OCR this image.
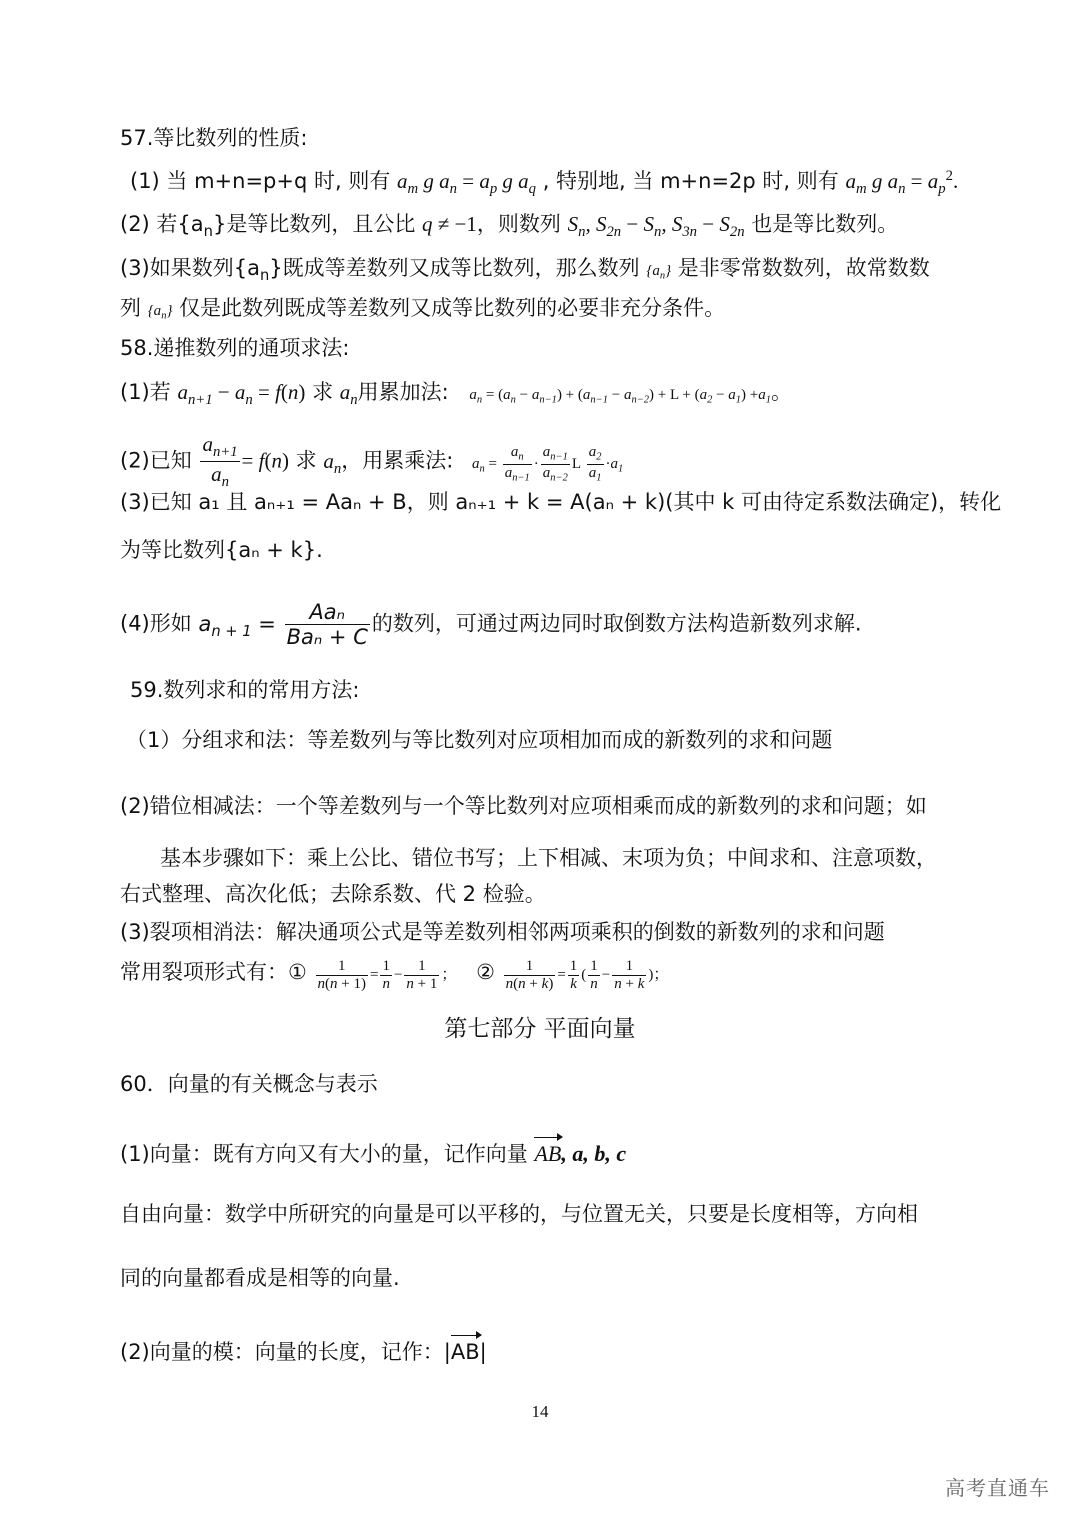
57.等比数列的性质:
(1) 当 m+n=p+q 时, 则有 $a_m$ g $a_n = a_p$ g $a_q$ , 特别地, 当 m+n=2p 时, 则有 $a_m$ g $a_n = a_p^2$.
(2) 若$\{a_n\}$是等比数列，且公比 q ≠ −1，则数列 $S_n$, $S_{2n} - S_n$, $S_{3n} - S_{2n}$ 也是等比数列。
(3)如果数列$\{a_n\}$既成等差数列又成等比数列，那么数列 $\{a_n\}$ 是非零常数数列，故常数数
列 $\{a_n\}$ 仅是此数列既成等差数列又成等比数列的必要非充分条件。
58.递推数列的通项求法:
(1)若 $a_{n+1} - a_n = f(n)$ 求 $a_n$用累加法: $a_n = (a_n - a_{n-1}) + (a_{n-1} - a_{n-2}) + L + (a_2 - a_1) +a_1$。
(2)已知 $\frac{a_{n+1}}{a_n} = f(n)$ 求 $a_n$，用累乘法: $a_n = \frac{a_n}{a_{n-1}} \cdot \frac{a_{n-1}}{a_{n-2}}$ L $\frac{a_2}{a_1} \cdot a_1$
(3)已知 a₁ 且 aₙ₊₁ = Aaₙ + B，则 aₙ₊₁ + k = A(aₙ + k)(其中 k 可由待定系数法确定)，转化
为等比数列{aₙ + k}.
(4)形如 $a_{n + 1} = \frac{\text{Aaₙ}}{\text{Baₙ + C}}$ 的数列，可通过两边同时取倒数方法构造新数列求解.
59.数列求和的常用方法:
（1）分组求和法：等差数列与等比数列对应项相加而成的新数列的求和问题
(2)错位相减法：一个等差数列与一个等比数列对应项相乘而成的新数列的求和问题；如
基本步骤如下：乘上公比、错位书写；上下相减、末项为负；中间求和、注意项数，
右式整理、高次化低；去除系数、代 2 检验。
(3)裂项相消法：解决通项公式是等差数列相邻两项乘积的倒数的新数列的求和问题
常用裂项形式有：① $\frac{1}{n(n + 1)} = \frac{1}{n} - \frac{1}{n + 1}$ ； ② $\frac{1}{n(n + k)} = \frac{1}{k}$ ( $\frac{1}{n} - \frac{1}{n + k}$ )；
第七部分 平面向量
60．向量的有关概念与表示
(1)向量：既有方向又有大小的量，记作向量 AB, a, b, c
自由向量：数学中所研究的向量是可以平移的，与位置无关，只要是长度相等，方向相
同的向量都看成是相等的向量.
(2)向量的模：向量的长度，记作：|AB|
14
高考直通车
